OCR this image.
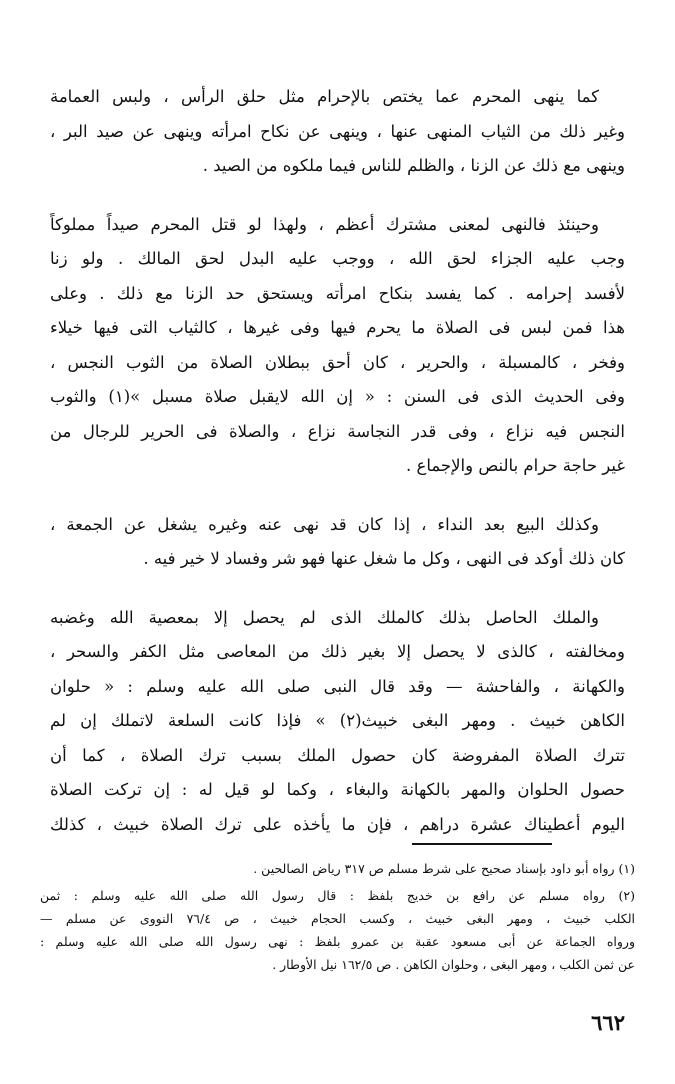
كما ينهى المحرم عما يختص بالإحرام مثل حلق الرأس ، ولبس العمامة
وغير ذلك من الثياب المنهى عنها ، وينهى عن نكاح امرأته وينهى عن صيد البر ،
وينهى مع ذلك عن الزنا ، والظلم للناس فيما ملكوه من الصيد .

وحينئذ فالنهى لمعنى مشترك أعظم ، ولهذا لو قتل المحرم صيداً مملوكاً
وجب عليه الجزاء لحق الله ، ووجب عليه البدل لحق المالك . ولو زنا
لأفسد إحرامه . كما يفسد بنكاح امرأته ويستحق حد الزنا مع ذلك . وعلى
هذا فمن لبس فى الصلاة ما يحرم فيها وفى غيرها ، كالثياب التى فيها خيلاء
وفخر ، كالمسبلة ، والحرير ، كان أحق ببطلان الصلاة من الثوب النجس ،
وفى الحديث الذى فى السنن : « إن الله لايقبل صلاة مسبل »(١) والثوب
النجس فيه نزاع ، وفى قدر النجاسة نزاع ، والصلاة فى الحرير للرجال من
غير حاجة حرام بالنص والإجماع .

وكذلك البيع بعد النداء ، إذا كان قد نهى عنه وغيره يشغل عن الجمعة ،
كان ذلك أوكد فى النهى ، وكل ما شغل عنها فهو شر وفساد لا خير فيه .

والملك الحاصل بذلك كالملك الذى لم يحصل إلا بمعصية الله وغضبه
ومخالفته ، كالذى لا يحصل إلا بغير ذلك من المعاصى مثل الكفر والسحر ،
والكهانة ، والفاحشة — وقد قال النبى صلى الله عليه وسلم : « حلوان
الكاهن خبيث . ومهر البغى خبيث(٢) » فإذا كانت السلعة لاتملك إن لم
تترك الصلاة المفروضة كان حصول الملك بسبب ترك الصلاة ، كما أن
حصول الحلوان والمهر بالكهانة والبغاء ، وكما لو قيل له : إن تركت الصلاة
اليوم أعطيناك عشرة دراهم ، فإن ما يأخذه على ترك الصلاة خبيث ، كذلك

(١) رواه أبو داود بإسناد صحيح على شرط مسلم ص ٣١٧ رياض الصالحين .

(٢) رواه مسلم عن رافع بن خديج بلفظ : قال رسول الله صلى الله عليه وسلم : ثمن
الكلب خبيث ، ومهر البغى خبيث ، وكسب الحجام خبيث ، ص ٧٦/٤ النووى عن مسلم —
ورواه الجماعة عن أبى مسعود عقبة بن عمرو بلفظ : نهى رسول الله صلى الله عليه وسلم :
عن ثمن الكلب ، ومهر البغى ، وحلوان الكاهن . ص ١٦٢/٥ نيل الأوطار .

٦٦٢
